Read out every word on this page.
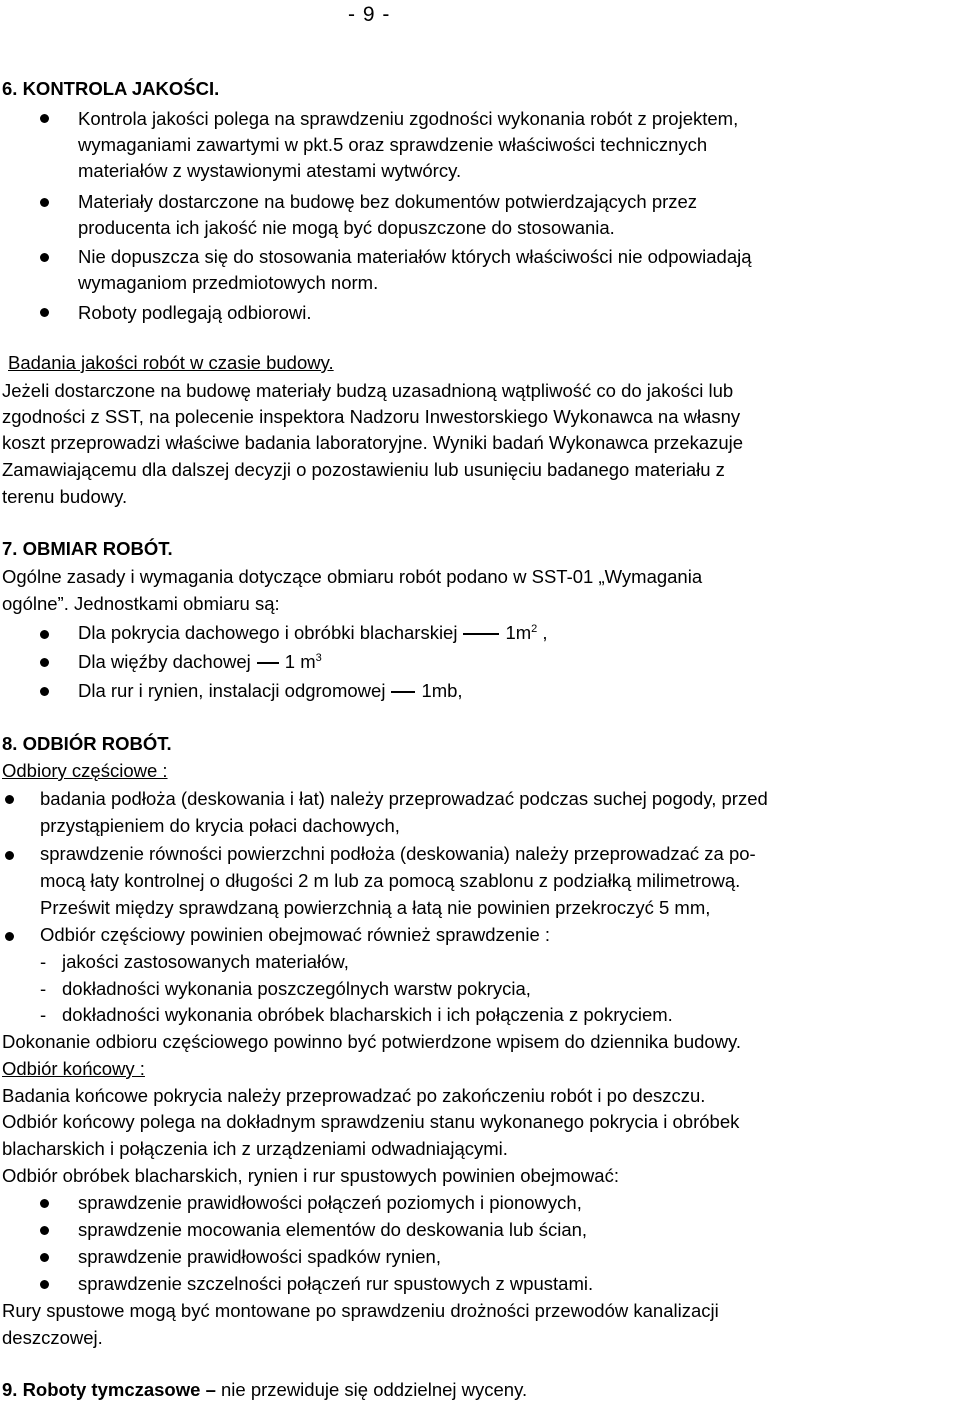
- 9 -
6. KONTROLA JAKOŚCI.
Kontrola jakości polega na sprawdzeniu zgodności wykonania robót z projektem,
wymaganiami zawartymi w pkt.5 oraz sprawdzenie właściwości technicznych
materiałów z wystawionymi atestami wytwórcy.
Materiały dostarczone na budowę bez dokumentów potwierdzających przez
producenta ich jakość nie mogą być dopuszczone do stosowania.
Nie dopuszcza się do stosowania materiałów których właściwości nie odpowiadają
wymaganiom przedmiotowych norm.
Roboty podlegają odbiorowi.
Badania jakości robót w czasie budowy.
Jeżeli dostarczone na budowę materiały budzą uzasadnioną wątpliwość co do jakości lub
zgodności z SST, na polecenie inspektora Nadzoru Inwestorskiego Wykonawca na własny
koszt przeprowadzi właściwe badania laboratoryjne. Wyniki badań Wykonawca przekazuje
Zamawiającemu dla dalszej decyzji o pozostawieniu lub usunięciu badanego materiału z
terenu budowy.
7. OBMIAR ROBÓT.
Ogólne zasady i wymagania dotyczące obmiaru robót podano w SST-01 „Wymagania
ogólne”. Jednostkami obmiaru są:
Dla pokrycia dachowego i obróbki blacharskiej	$1m^2$ ,
Dla więźby dachowej 1 $m^3$
Dla rur i rynien, instalacji odgromowej 1mb,
8. ODBIÓR ROBÓT.
Odbiory częściowe :
badania podłoża (deskowania i łat) należy przeprowadzać podczas suchej pogody, przed
przystąpieniem do krycia połaci dachowych,
sprawdzenie równości powierzchni podłoża (deskowania) należy przeprowadzać za po-
mocą łaty kontrolnej o długości 2 m lub za pomocą szablonu z podziałką milimetrową.
Prześwit między sprawdzaną powierzchnią a łatą nie powinien przekroczyć 5 mm,
Odbiór częściowy powinien obejmować również sprawdzenie :
- jakości zastosowanych materiałów,
- dokładności wykonania poszczególnych warstw pokrycia,
- dokładności wykonania obróbek blacharskich i ich połączenia z pokryciem.
Dokonanie odbioru częściowego powinno być potwierdzone wpisem do dziennika budowy.
Odbiór końcowy :
Badania końcowe pokrycia należy przeprowadzać po zakończeniu robót i po deszczu.
Odbiór końcowy polega na dokładnym sprawdzeniu stanu wykonanego pokrycia i obróbek
blacharskich i połączenia ich z urządzeniami odwadniającymi.
Odbiór obróbek blacharskich, rynien i rur spustowych powinien obejmować:
sprawdzenie prawidłowości połączeń poziomych i pionowych,
sprawdzenie mocowania elementów do deskowania lub ścian,
sprawdzenie prawidłowości spadków rynien,
sprawdzenie szczelności połączeń rur spustowych z wpustami.
Rury spustowe mogą być montowane po sprawdzeniu drożności przewodów kanalizacji
deszczowej.
9. Roboty tymczasowe – nie przewiduje się oddzielnej wyceny.
